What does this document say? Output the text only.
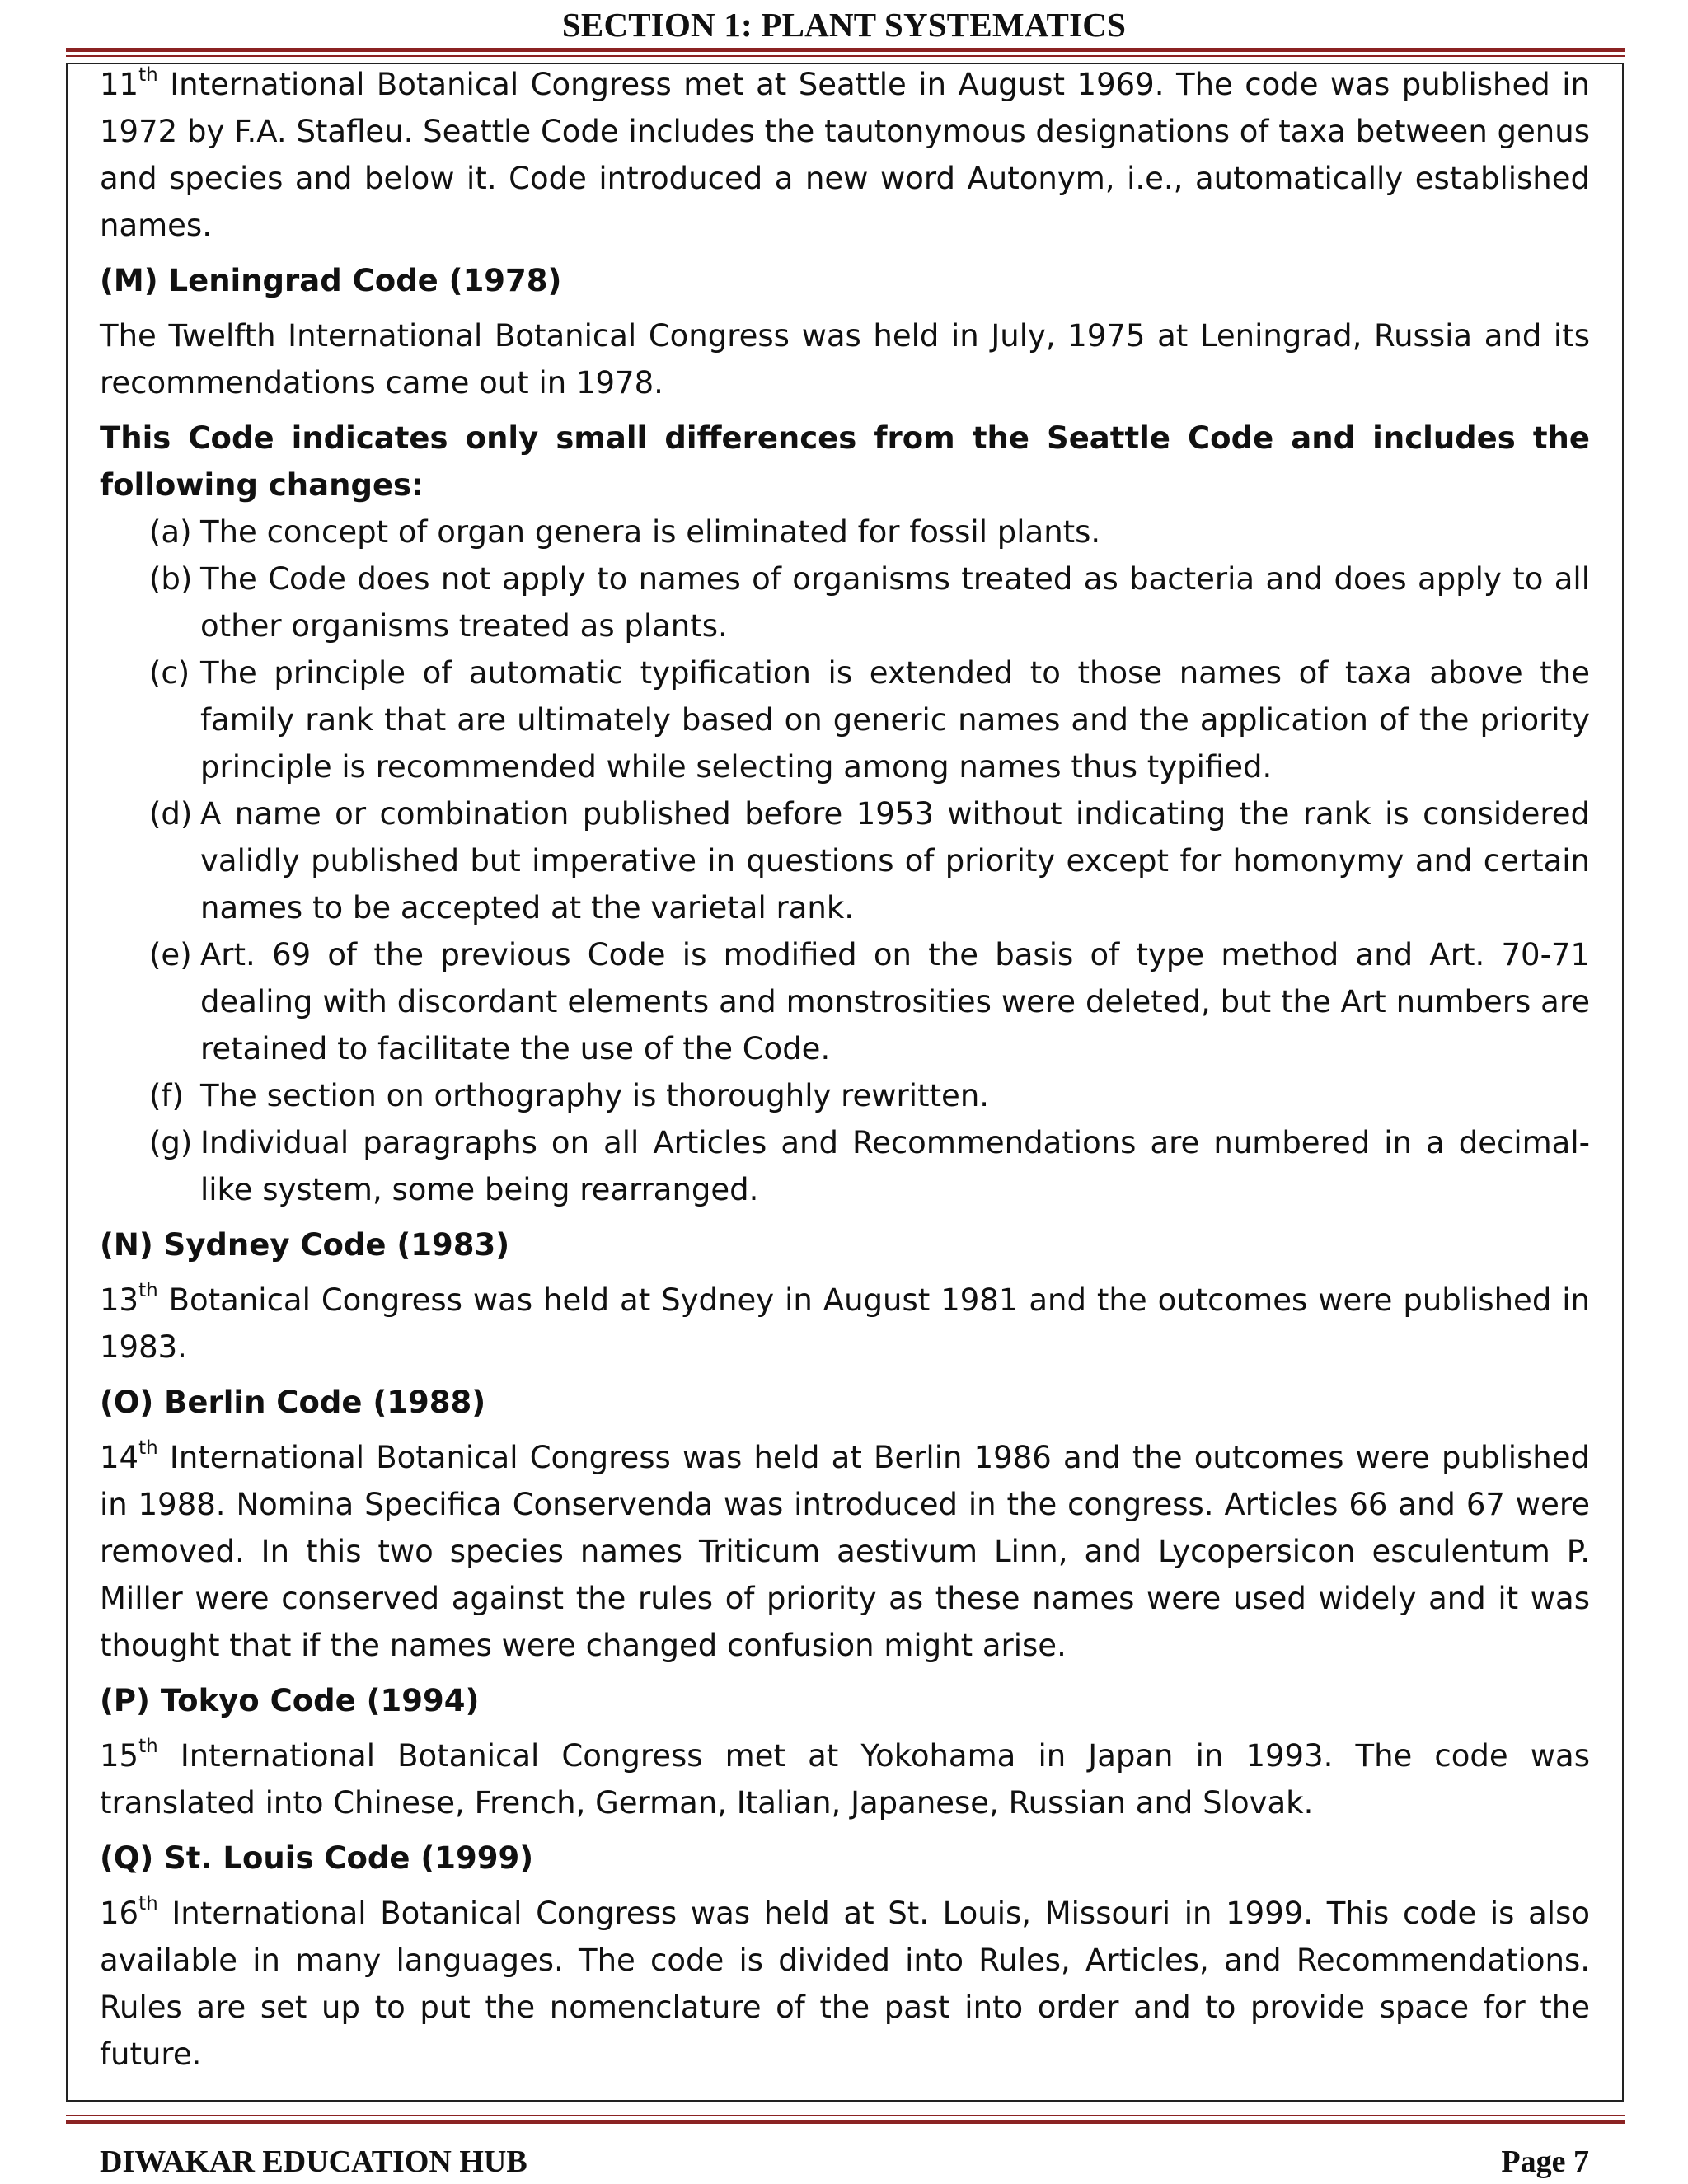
SECTION 1: PLANT SYSTEMATICS

11th International Botanical Congress met at Seattle in August 1969. The code was published in 1972 by F.A. Stafleu. Seattle Code includes the tautonymous designations of taxa between genus and species and below it. Code introduced a new word Autonym, i.e., automatically established names.

(M) Leningrad Code (1978)

The Twelfth International Botanical Congress was held in July, 1975 at Leningrad, Russia and its recommendations came out in 1978.

This Code indicates only small differences from the Seattle Code and includes the following changes:

(a) The concept of organ genera is eliminated for fossil plants.
(b) The Code does not apply to names of organisms treated as bacteria and does apply to all other organisms treated as plants.
(c) The principle of automatic typification is extended to those names of taxa above the family rank that are ultimately based on generic names and the application of the priority principle is recommended while selecting among names thus typified.
(d) A name or combination published before 1953 without indicating the rank is considered validly published but imperative in questions of priority except for homonymy and certain names to be accepted at the varietal rank.
(e) Art. 69 of the previous Code is modified on the basis of type method and Art. 70-71 dealing with discordant elements and monstrosities were deleted, but the Art numbers are retained to facilitate the use of the Code.
(f) The section on orthography is thoroughly rewritten.
(g) Individual paragraphs on all Articles and Recommendations are numbered in a decimal-like system, some being rearranged.

(N) Sydney Code (1983)

13th Botanical Congress was held at Sydney in August 1981 and the outcomes were published in 1983.

(O) Berlin Code (1988)

14th International Botanical Congress was held at Berlin 1986 and the outcomes were published in 1988. Nomina Specifica Conservenda was introduced in the congress. Articles 66 and 67 were removed. In this two species names Triticum aestivum Linn, and Lycopersicon esculentum P. Miller were conserved against the rules of priority as these names were used widely and it was thought that if the names were changed confusion might arise.

(P) Tokyo Code (1994)

15th International Botanical Congress met at Yokohama in Japan in 1993. The code was translated into Chinese, French, German, Italian, Japanese, Russian and Slovak.

(Q) St. Louis Code (1999)

16th International Botanical Congress was held at St. Louis, Missouri in 1999. This code is also available in many languages. The code is divided into Rules, Articles, and Recommendations. Rules are set up to put the nomenclature of the past into order and to provide space for the future.

DIWAKAR EDUCATION HUB	Page 7
